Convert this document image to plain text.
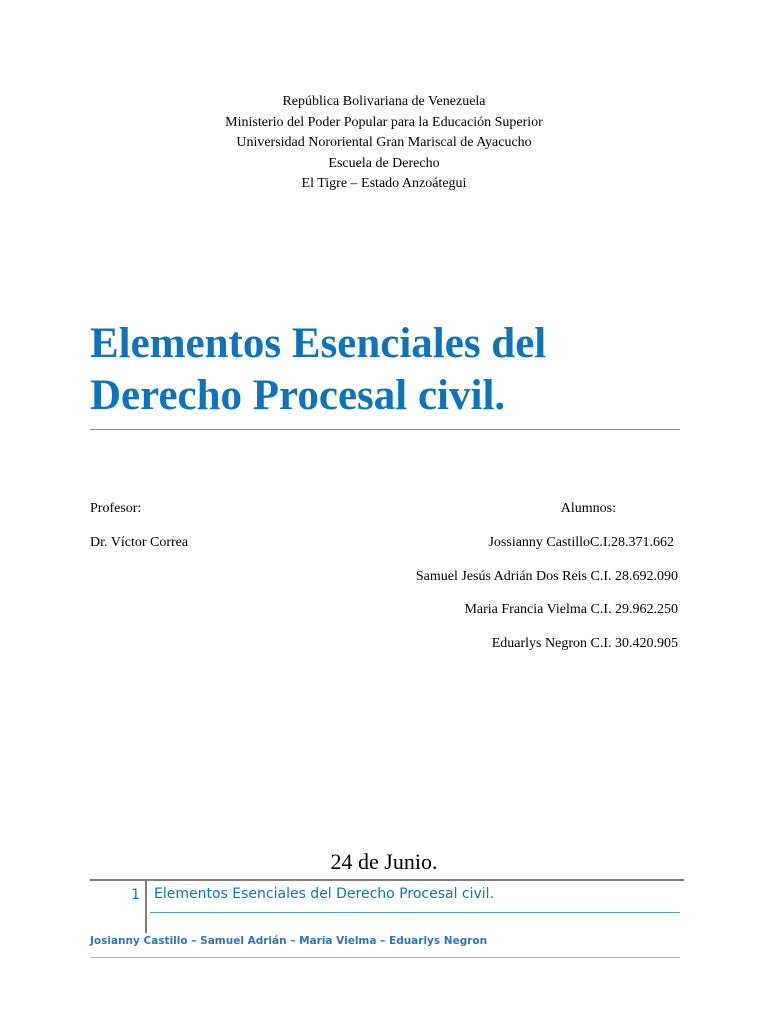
República Bolivariana de Venezuela
Ministerio del Poder Popular para la Educación Superior
Universidad Nororiental Gran Mariscal de Ayacucho
Escuela de Derecho
El Tigre – Estado Anzoátegui
Elementos Esenciales del
Derecho Procesal civil.
Profesor:
Dr. Víctor Correa
Alumnos:
Jossianny CastilloC.I.28.371.662
Samuel Jesús Adrián Dos Reis C.I. 28.692.090
Maria Francia Vielma C.I. 29.962.250
Eduarlys Negron C.I. 30.420.905
24 de Junio.
1 Elementos Esenciales del Derecho Procesal civil.
Josianny Castillo – Samuel Adrián – Maria Vielma – Eduarlys Negron
